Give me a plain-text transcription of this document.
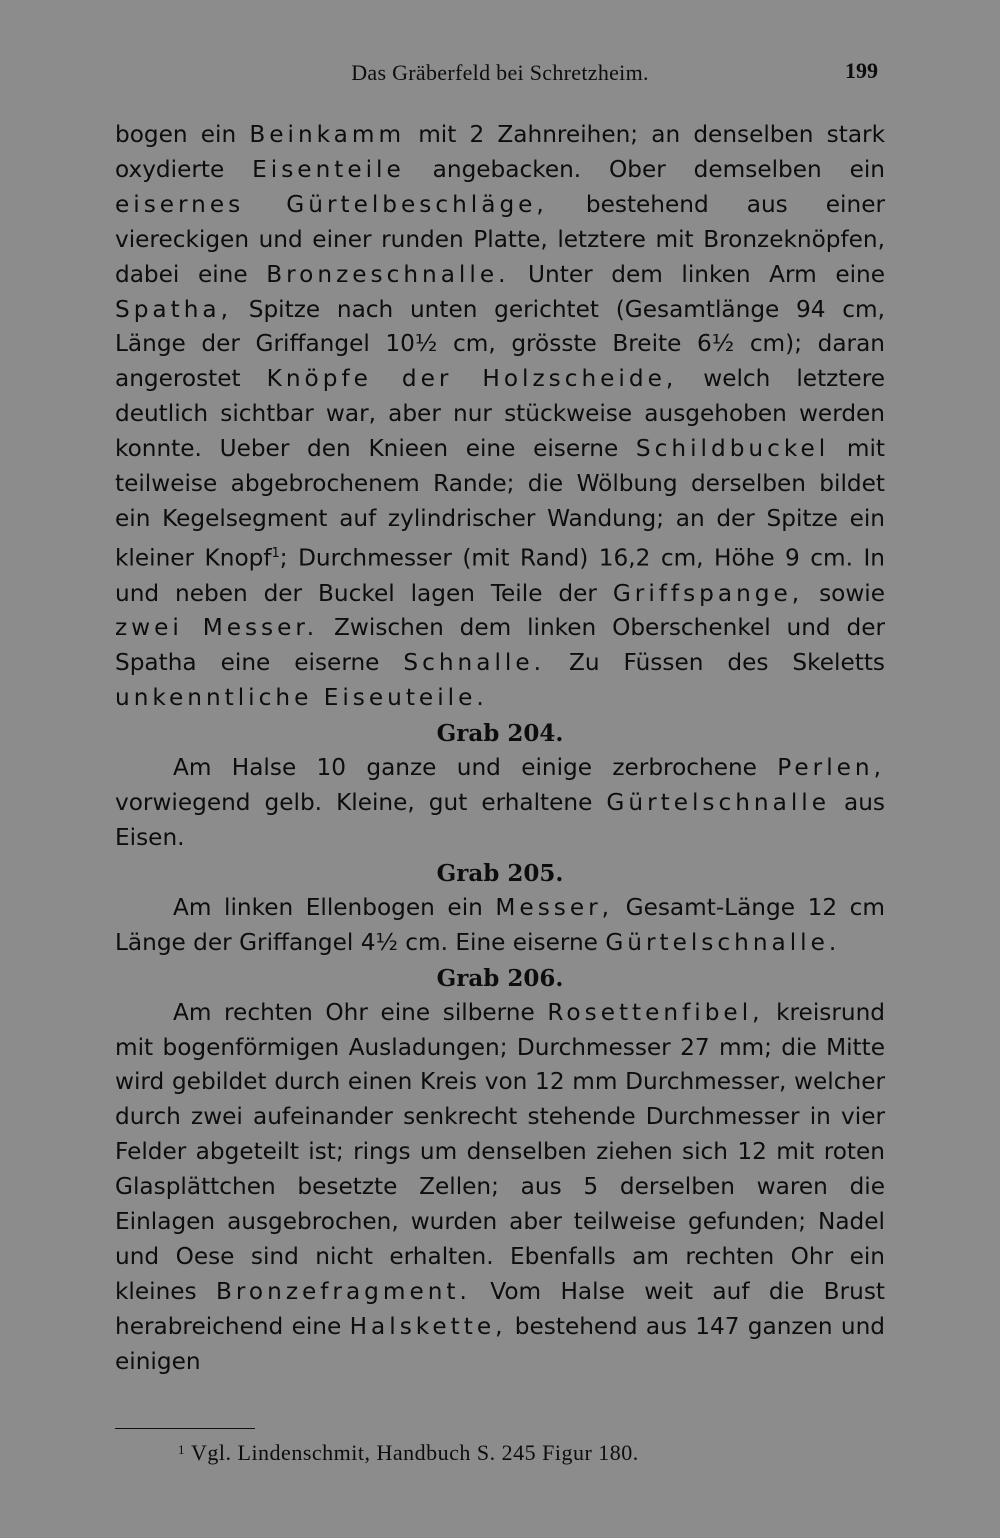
Das Gräberfeld bei Schretzheim.	199

bogen ein Beinkamm mit 2 Zahnreihen; an denselben stark oxydierte Eisenteile angebacken. Ober demselben ein eisernes Gürtelbeschläge, bestehend aus einer viereckigen und einer runden Platte, letztere mit Bronzeknöpfen, dabei eine Bronzeschnalle. Unter dem linken Arm eine Spatha, Spitze nach unten gerichtet (Gesamtlänge 94 cm, Länge der Griffangel 10½ cm, grösste Breite 6½ cm); daran angerostet Knöpfe der Holzscheide, welch letztere deutlich sichtbar war, aber nur stückweise ausgehoben werden konnte. Ueber den Knieen eine eiserne Schildbuckel mit teilweise abgebrochenem Rande; die Wölbung derselben bildet ein Kegelsegment auf zylindrischer Wandung; an der Spitze ein kleiner Knopf$^1$; Durchmesser (mit Rand) 16,2 cm, Höhe 9 cm. In und neben der Buckel lagen Teile der Griffspange, sowie zwei Messer. Zwischen dem linken Oberschenkel und der Spatha eine eiserne Schnalle. Zu Füssen des Skeletts unkenntliche Eiseuteile.

Grab 204.

Am Halse 10 ganze und einige zerbrochene Perlen, vorwiegend gelb. Kleine, gut erhaltene Gürtelschnalle aus Eisen.

Grab 205.

Am linken Ellenbogen ein Messer, Gesamt-Länge 12 cm Länge der Griffangel 4½ cm. Eine eiserne Gürtelschnalle.

Grab 206.

Am rechten Ohr eine silberne Rosettenfibel, kreisrund mit bogenförmigen Ausladungen; Durchmesser 27 mm; die Mitte wird gebildet durch einen Kreis von 12 mm Durchmesser, welcher durch zwei aufeinander senkrecht stehende Durchmesser in vier Felder abgeteilt ist; rings um denselben ziehen sich 12 mit roten Glasplättchen besetzte Zellen; aus 5 derselben waren die Einlagen ausgebrochen, wurden aber teilweise gefunden; Nadel und Oese sind nicht erhalten. Ebenfalls am rechten Ohr ein kleines Bronzefragment. Vom Halse weit auf die Brust herabreichend eine Halskette, bestehend aus 147 ganzen und einigen

$^1$ Vgl. Lindenschmit, Handbuch S. 245 Figur 180.
